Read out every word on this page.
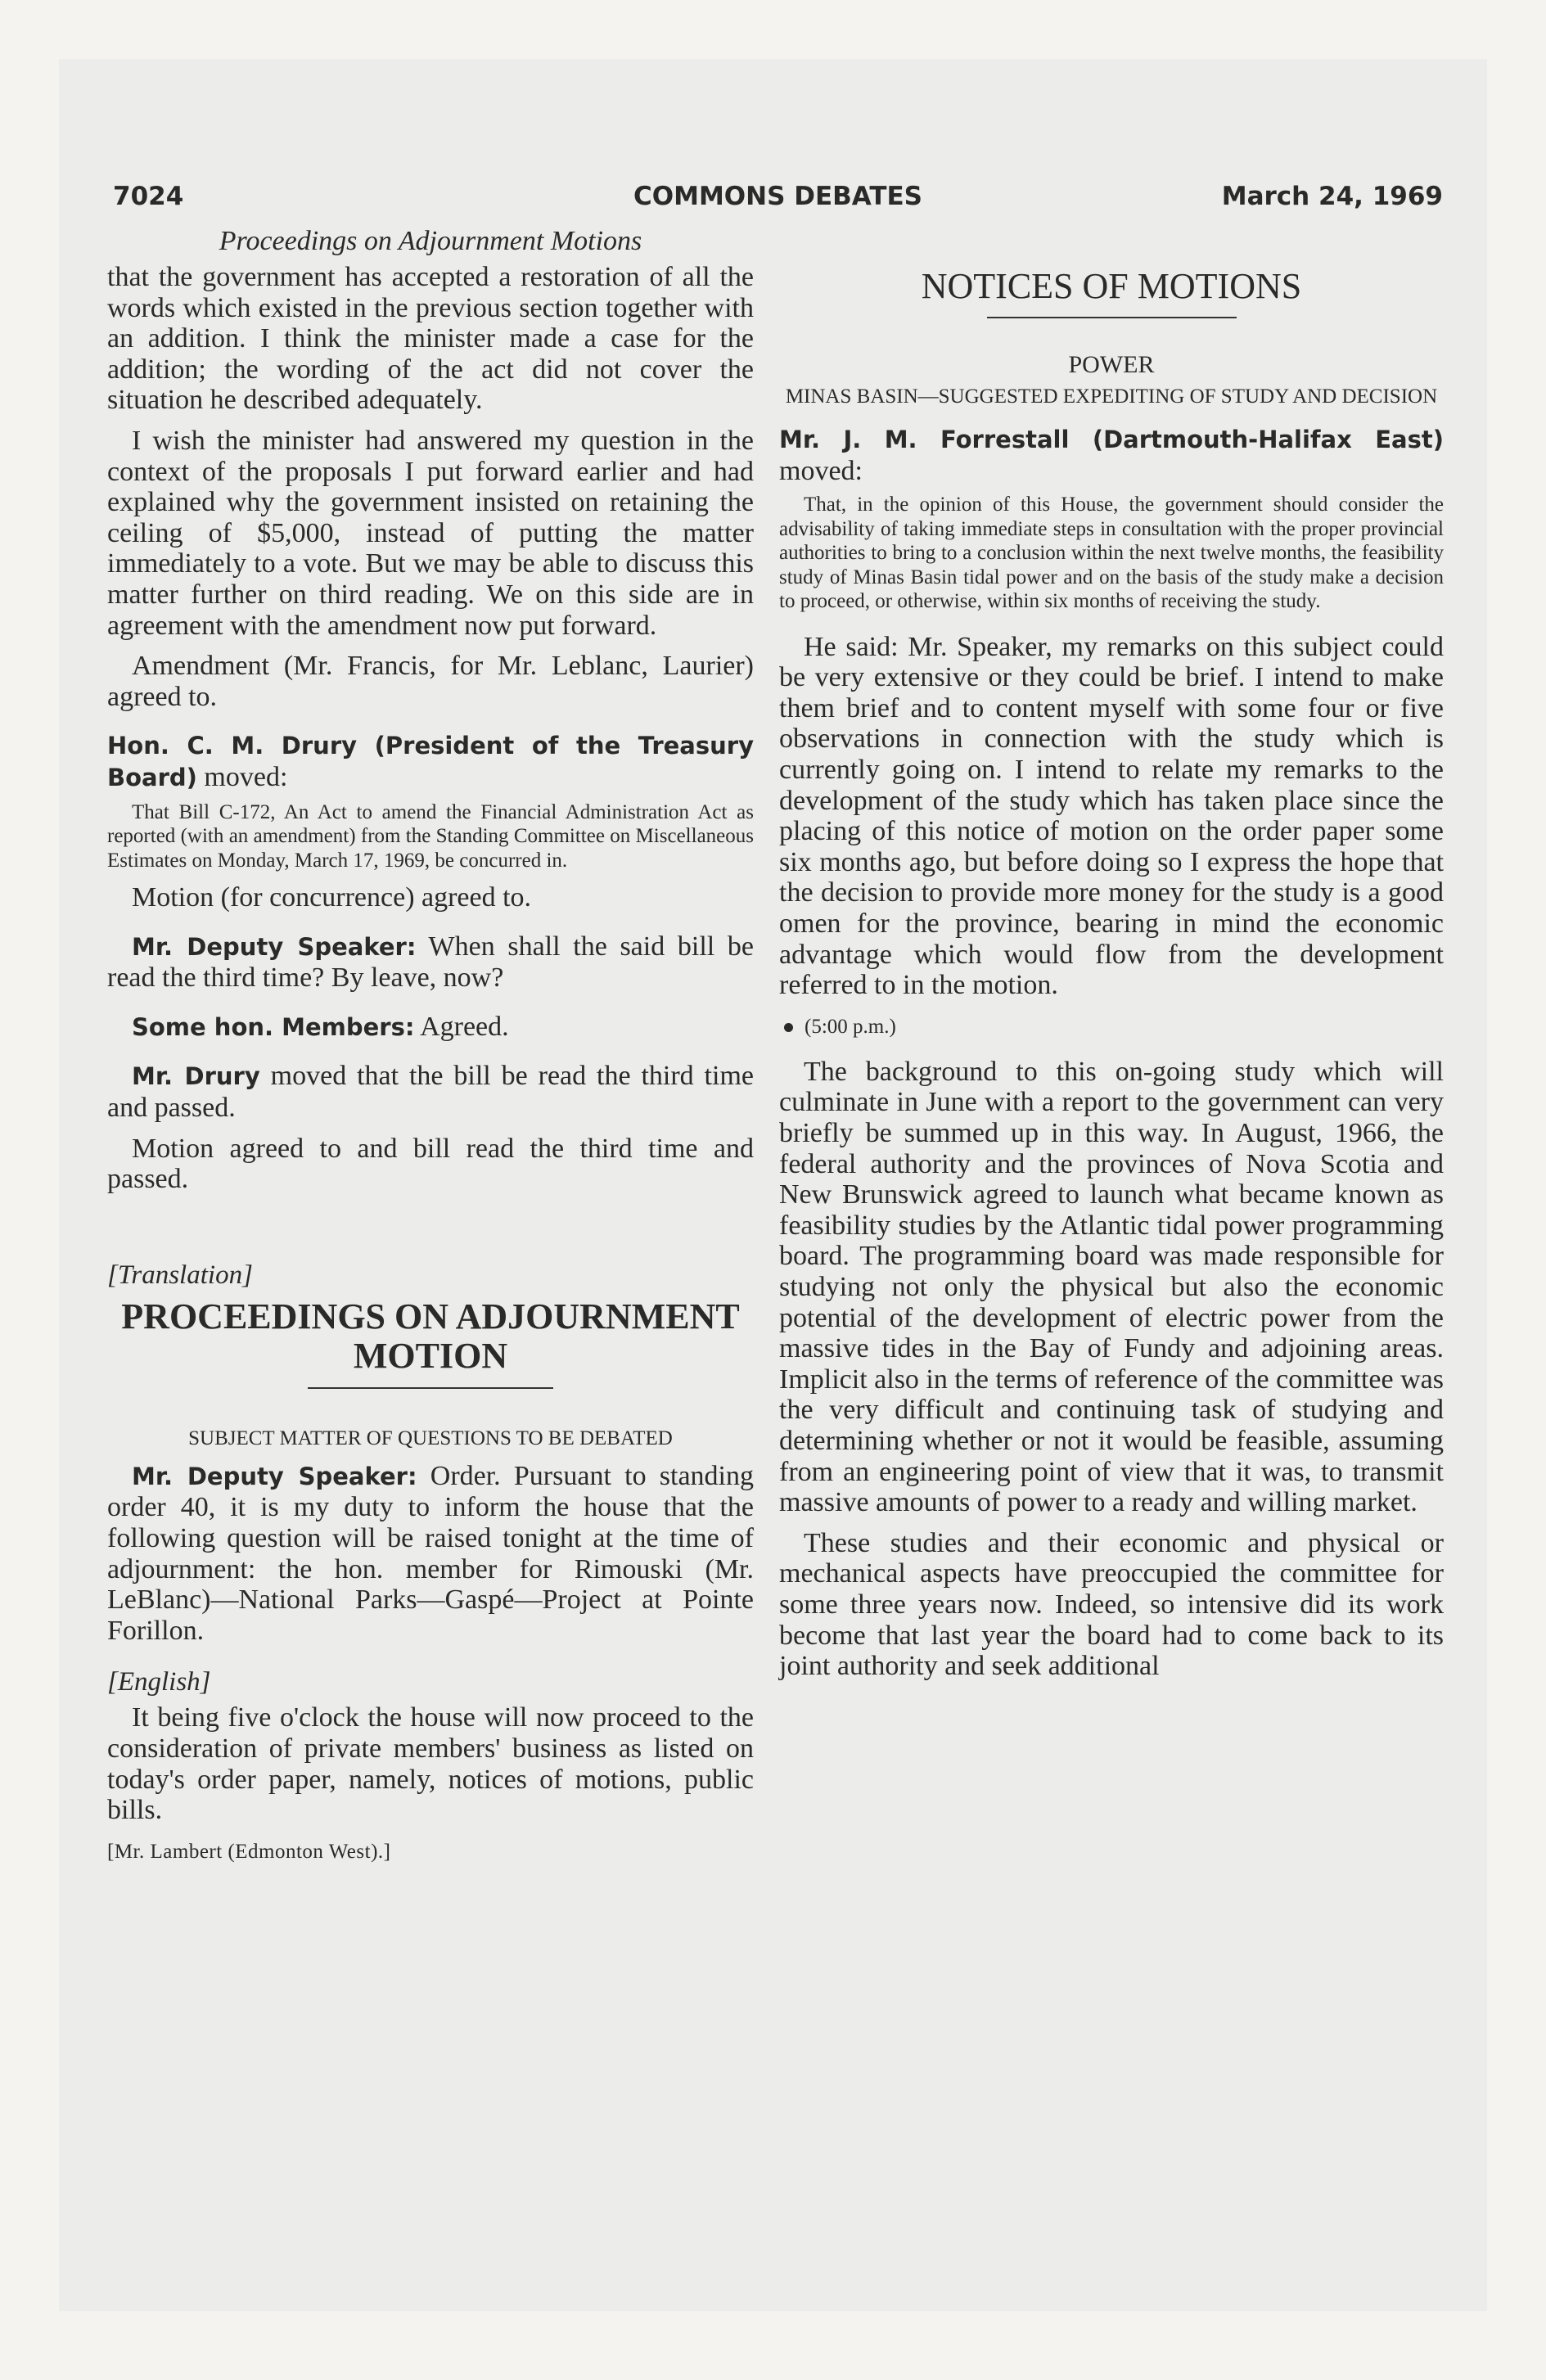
7024	COMMONS DEBATES	March 24, 1969

Proceedings on Adjournment Motions

that the government has accepted a restoration of all the words which existed in the previous section together with an addition. I think the minister made a case for the addition; the wording of the act did not cover the situation he described adequately.

I wish the minister had answered my question in the context of the proposals I put forward earlier and had explained why the government insisted on retaining the ceiling of $5,000, instead of putting the matter immediately to a vote. But we may be able to discuss this matter further on third reading. We on this side are in agreement with the amendment now put forward.

Amendment (Mr. Francis, for Mr. Leblanc, Laurier) agreed to.

Hon. C. M. Drury (President of the Treasury Board) moved:

That Bill C-172, An Act to amend the Financial Administration Act as reported (with an amendment) from the Standing Committee on Miscellaneous Estimates on Monday, March 17, 1969, be concurred in.

Motion (for concurrence) agreed to.

Mr. Deputy Speaker: When shall the said bill be read the third time? By leave, now?

Some hon. Members: Agreed.

Mr. Drury moved that the bill be read the third time and passed.

Motion agreed to and bill read the third time and passed.

[Translation]

PROCEEDINGS ON ADJOURNMENT MOTION

SUBJECT MATTER OF QUESTIONS TO BE DEBATED

Mr. Deputy Speaker: Order. Pursuant to standing order 40, it is my duty to inform the house that the following question will be raised tonight at the time of adjournment: the hon. member for Rimouski (Mr. LeBlanc)—National Parks—Gaspé—Project at Pointe Forillon.

[English]

It being five o'clock the house will now proceed to the consideration of private members' business as listed on today's order paper, namely, notices of motions, public bills.

[Mr. Lambert (Edmonton West).]

NOTICES OF MOTIONS

POWER

MINAS BASIN—SUGGESTED EXPEDITING OF STUDY AND DECISION

Mr. J. M. Forrestall (Dartmouth-Halifax East) moved:

That, in the opinion of this House, the government should consider the advisability of taking immediate steps in consultation with the proper provincial authorities to bring to a conclusion within the next twelve months, the feasibility study of Minas Basin tidal power and on the basis of the study make a decision to proceed, or otherwise, within six months of receiving the study.

He said: Mr. Speaker, my remarks on this subject could be very extensive or they could be brief. I intend to make them brief and to content myself with some four or five observations in connection with the study which is currently going on. I intend to relate my remarks to the development of the study which has taken place since the placing of this notice of motion on the order paper some six months ago, but before doing so I express the hope that the decision to provide more money for the study is a good omen for the province, bearing in mind the economic advantage which would flow from the development referred to in the motion.

(5:00 p.m.)

The background to this on-going study which will culminate in June with a report to the government can very briefly be summed up in this way. In August, 1966, the federal authority and the provinces of Nova Scotia and New Brunswick agreed to launch what became known as feasibility studies by the Atlantic tidal power programming board. The programming board was made responsible for studying not only the physical but also the economic potential of the development of electric power from the massive tides in the Bay of Fundy and adjoining areas. Implicit also in the terms of reference of the committee was the very difficult and continuing task of studying and determining whether or not it would be feasible, assuming from an engineering point of view that it was, to transmit massive amounts of power to a ready and willing market.

These studies and their economic and physical or mechanical aspects have preoccupied the committee for some three years now. Indeed, so intensive did its work become that last year the board had to come back to its joint authority and seek additional
